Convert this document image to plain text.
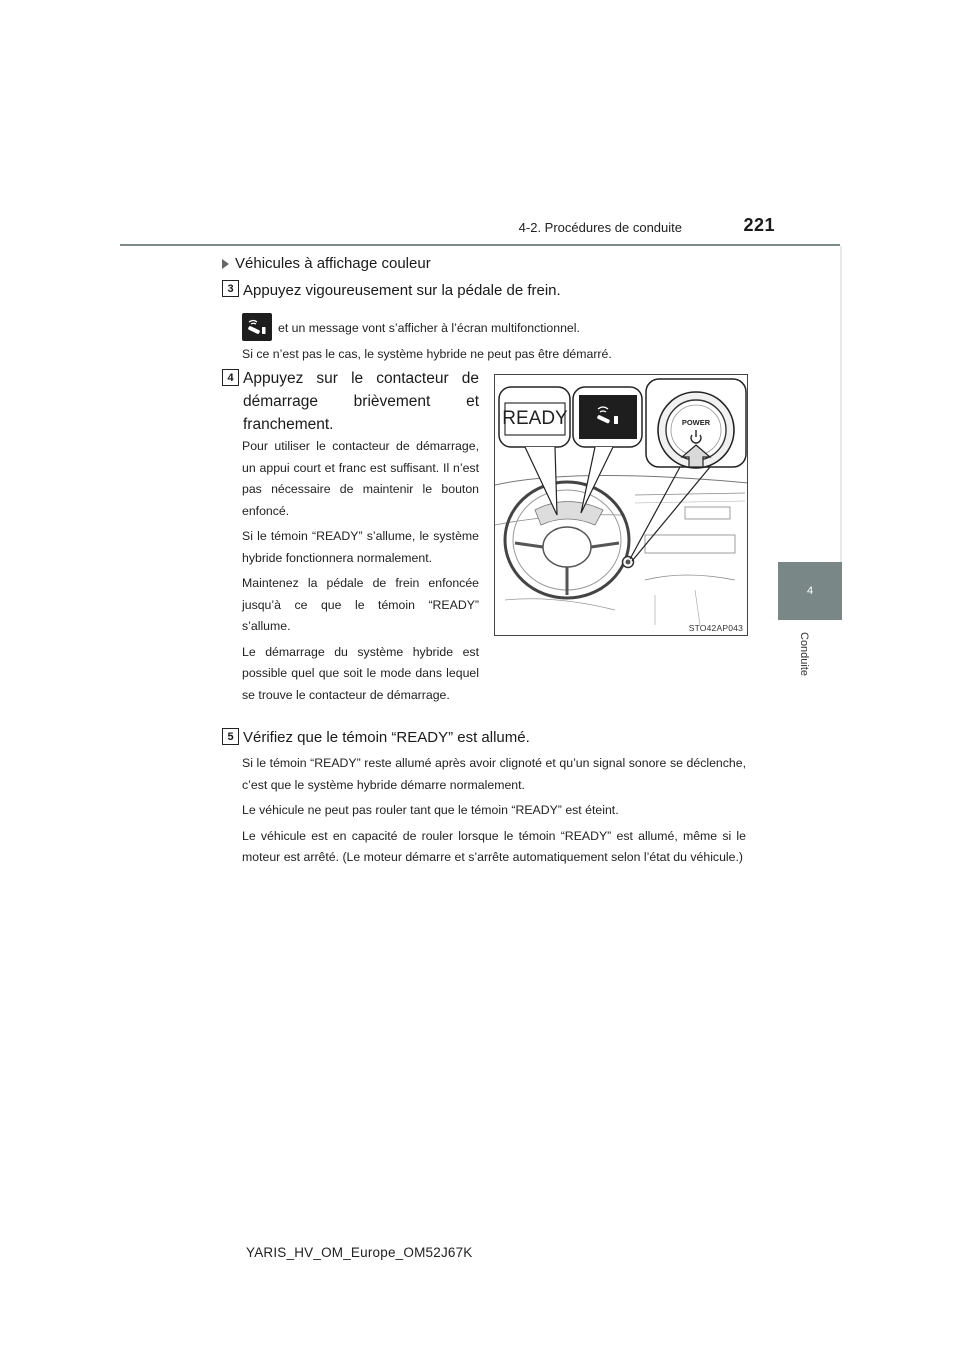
4-2. Procédures de conduite	221
4
Conduite
Véhicules à affichage couleur
3 Appuyez vigoureusement sur la pédale de frein.
et un message vont s’afficher à l’écran multifonctionnel.
Si ce n’est pas le cas, le système hybride ne peut pas être démarré.
4 Appuyez sur le contacteur de démarrage brièvement et franchement.

Pour utiliser le contacteur de démarrage, un appui court et franc est suffisant. Il n’est pas nécessaire de maintenir le bouton enfoncé.

Si le témoin “READY” s’allume, le système hybride fonctionnera normalement.

Maintenez la pédale de frein enfoncée jusqu’à ce que le témoin “READY” s’allume.

Le démarrage du système hybride est possible quel que soit le mode dans lequel se trouve le contacteur de démarrage.

READY	POWER
STO42AP043
5 Vérifiez que le témoin “READY” est allumé.

Si le témoin “READY” reste allumé après avoir clignoté et qu’un signal sonore se déclenche, c’est que le système hybride démarre normalement.

Le véhicule ne peut pas rouler tant que le témoin “READY” est éteint.

Le véhicule est en capacité de rouler lorsque le témoin “READY” est allumé, même si le moteur est arrêté. (Le moteur démarre et s’arrête automatiquement selon l’état du véhicule.)

YARIS_HV_OM_Europe_OM52J67K
